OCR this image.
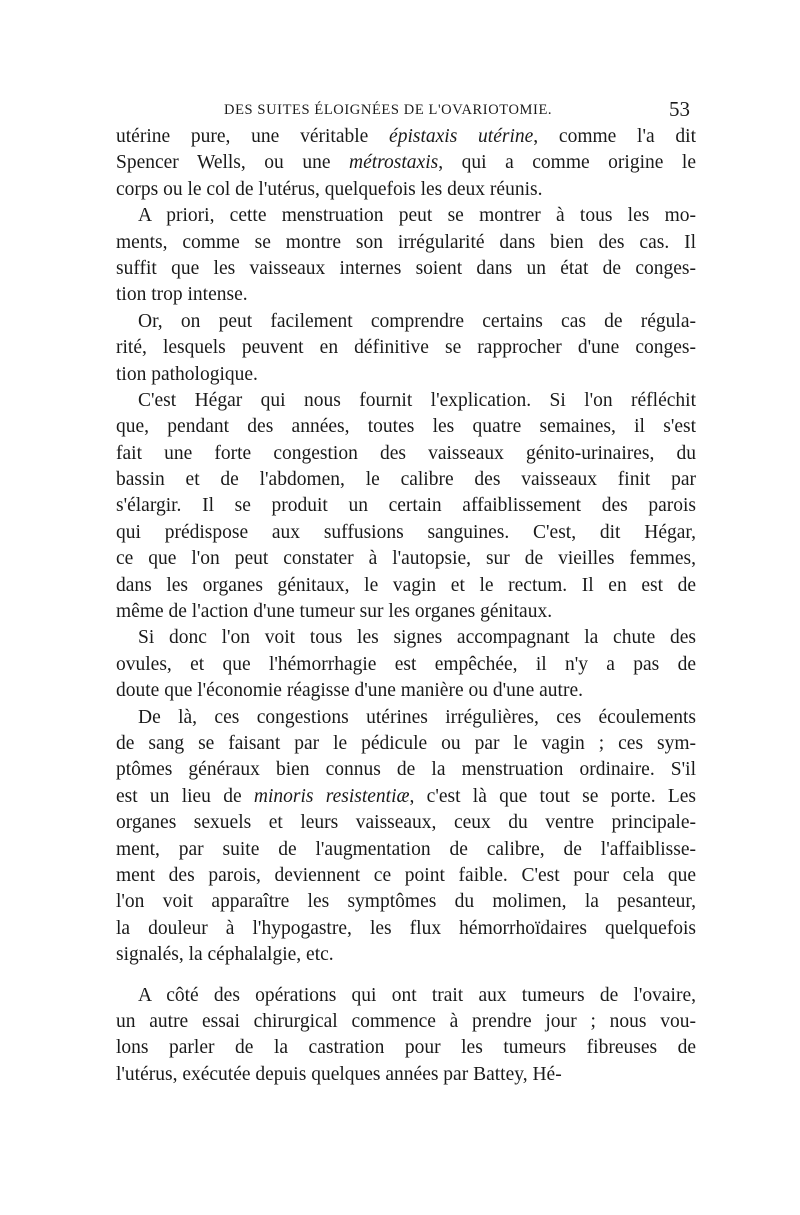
DES SUITES ÉLOIGNÉES DE L'OVARIOTOMIE.	53
utérine pure, une véritable épistaxis utérine, comme l'a dit
Spencer Wells, ou une métrostaxis, qui a comme origine le
corps ou le col de l'utérus, quelquefois les deux réunis.
A priori, cette menstruation peut se montrer à tous les mo-
ments, comme se montre son irrégularité dans bien des cas. Il
suffit que les vaisseaux internes soient dans un état de conges-
tion trop intense.
Or, on peut facilement comprendre certains cas de régula-
rité, lesquels peuvent en définitive se rapprocher d'une conges-
tion pathologique.
C'est Hégar qui nous fournit l'explication. Si l'on réfléchit
que, pendant des années, toutes les quatre semaines, il s'est
fait une forte congestion des vaisseaux génito-urinaires, du
bassin et de l'abdomen, le calibre des vaisseaux finit par
s'élargir. Il se produit un certain affaiblissement des parois
qui prédispose aux suffusions sanguines. C'est, dit Hégar,
ce que l'on peut constater à l'autopsie, sur de vieilles femmes,
dans les organes génitaux, le vagin et le rectum. Il en est de
même de l'action d'une tumeur sur les organes génitaux.
Si donc l'on voit tous les signes accompagnant la chute des
ovules, et que l'hémorrhagie est empêchée, il n'y a pas de
doute que l'économie réagisse d'une manière ou d'une autre.
De là, ces congestions utérines irrégulières, ces écoulements
de sang se faisant par le pédicule ou par le vagin ; ces sym-
ptômes généraux bien connus de la menstruation ordinaire. S'il
est un lieu de minoris resistentiæ, c'est là que tout se porte. Les
organes sexuels et leurs vaisseaux, ceux du ventre principale-
ment, par suite de l'augmentation de calibre, de l'affaiblisse-
ment des parois, deviennent ce point faible. C'est pour cela que
l'on voit apparaître les symptômes du molimen, la pesanteur,
la douleur à l'hypogastre, les flux hémorrhoïdaires quelquefois
signalés, la céphalalgie, etc.
A côté des opérations qui ont trait aux tumeurs de l'ovaire,
un autre essai chirurgical commence à prendre jour ; nous vou-
lons parler de la castration pour les tumeurs fibreuses de
l'utérus, exécutée depuis quelques années par Battey, Hé-
